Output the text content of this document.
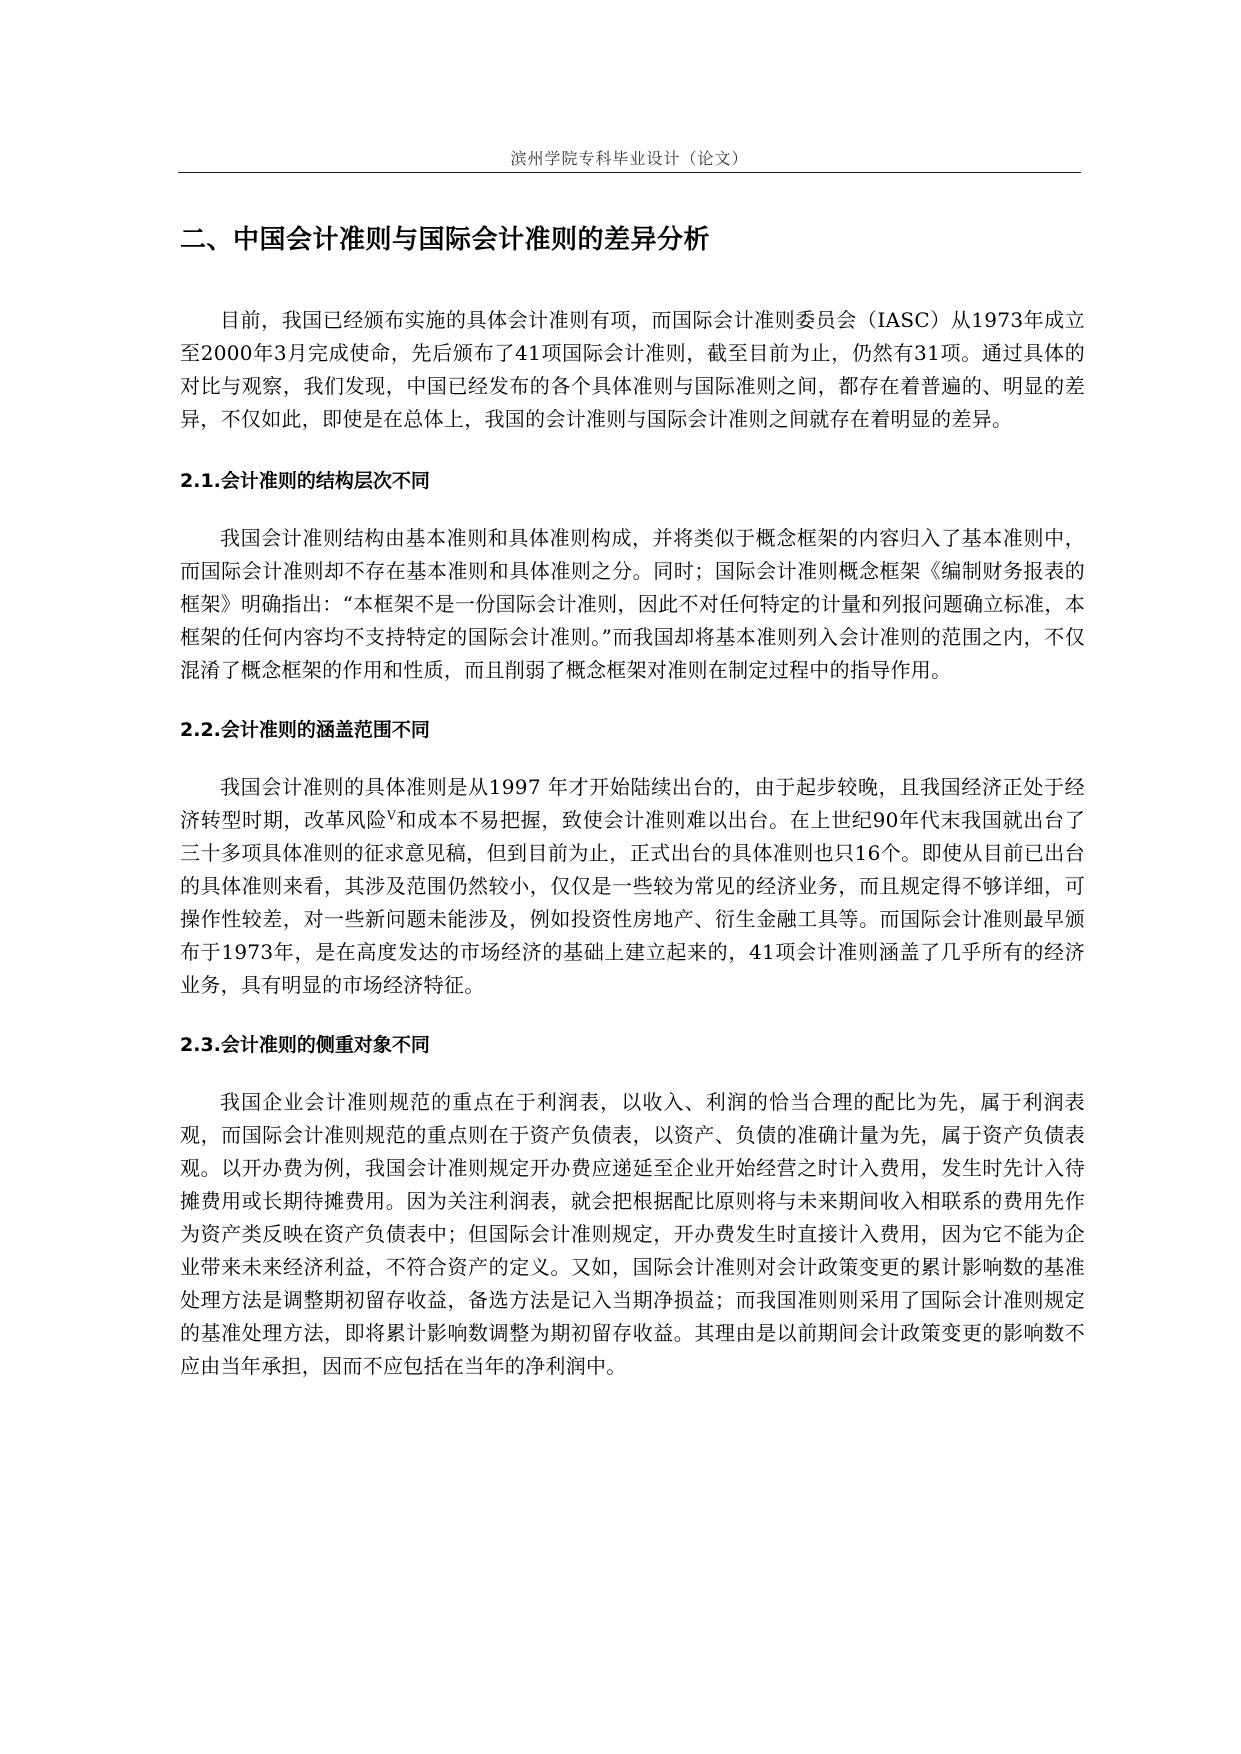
滨州学院专科毕业设计（论文）
二、中国会计准则与国际会计准则的差异分析

目前，我国已经颁布实施的具体会计准则有项，而国际会计准则委员会（IASC）从1973年成立至2000年3月完成使命，先后颁布了41项国际会计准则，截至目前为止，仍然有31项。通过具体的对比与观察，我们发现，中国已经发布的各个具体准则与国际准则之间，都存在着普遍的、明显的差异，不仅如此，即使是在总体上，我国的会计准则与国际会计准则之间就存在着明显的差异。

2.1.会计准则的结构层次不同

我国会计准则结构由基本准则和具体准则构成，并将类似于概念框架的内容归入了基本准则中，而国际会计准则却不存在基本准则和具体准则之分。同时；国际会计准则概念框架《编制财务报表的框架》明确指出：“本框架不是一份国际会计准则，因此不对任何特定的计量和列报问题确立标准，本框架的任何内容均不支持特定的国际会计准则。”而我国却将基本准则列入会计准则的范围之内，不仅混淆了概念框架的作用和性质，而且削弱了概念框架对准则在制定过程中的指导作用。

2.2.会计准则的涵盖范围不同

我国会计准则的具体准则是从1997 年才开始陆续出台的，由于起步较晚，且我国经济正处于经济转型时期，改革风险$^V$和成本不易把握，致使会计准则难以出台。在上世纪90年代末我国就出台了三十多项具体准则的征求意见稿，但到目前为止，正式出台的具体准则也只16个。即使从目前已出台的具体准则来看，其涉及范围仍然较小，仅仅是一些较为常见的经济业务，而且规定得不够详细，可操作性较差，对一些新问题未能涉及，例如投资性房地产、衍生金融工具等。而国际会计准则最早颁布于1973年，是在高度发达的市场经济的基础上建立起来的，41项会计准则涵盖了几乎所有的经济业务，具有明显的市场经济特征。

2.3.会计准则的侧重对象不同

我国企业会计准则规范的重点在于利润表，以收入、利润的恰当合理的配比为先，属于利润表观，而国际会计准则规范的重点则在于资产负债表，以资产、负债的准确计量为先，属于资产负债表观。以开办费为例，我国会计准则规定开办费应递延至企业开始经营之时计入费用，发生时先计入待摊费用或长期待摊费用。因为关注利润表，就会把根据配比原则将与未来期间收入相联系的费用先作为资产类反映在资产负债表中；但国际会计准则规定，开办费发生时直接计入费用，因为它不能为企业带来未来经济利益，不符合资产的定义。又如，国际会计准则对会计政策变更的累计影响数的基准处理方法是调整期初留存收益，备选方法是记入当期净损益；而我国准则则采用了国际会计准则规定的基准处理方法，即将累计影响数调整为期初留存收益。其理由是以前期间会计政策变更的影响数不应由当年承担，因而不应包括在当年的净利润中。
